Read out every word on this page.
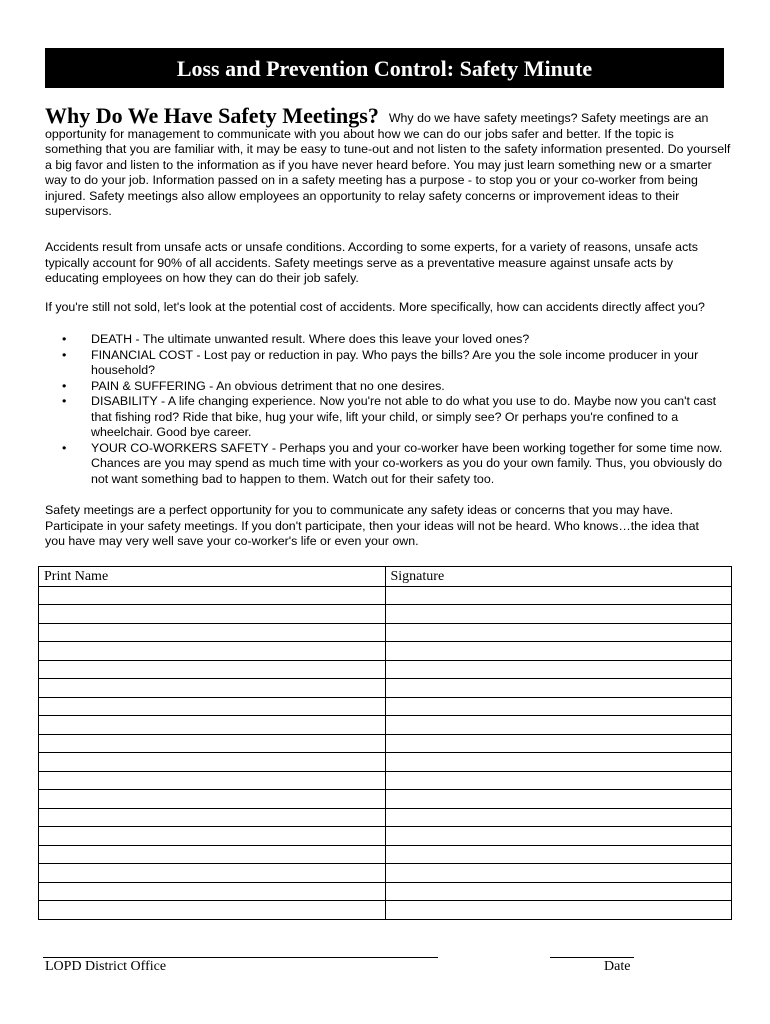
Loss and Prevention Control: Safety Minute
Why Do We Have Safety Meetings? Why do we have safety meetings? Safety meetings are an opportunity for management to communicate with you about how we can do our jobs safer and better. If the topic is something that you are familiar with, it may be easy to tune-out and not listen to the safety information presented. Do yourself a big favor and listen to the information as if you have never heard before. You may just learn something new or a smarter way to do your job. Information passed on in a safety meeting has a purpose - to stop you or your co-worker from being injured. Safety meetings also allow employees an opportunity to relay safety concerns or improvement ideas to their supervisors.
Accidents result from unsafe acts or unsafe conditions. According to some experts, for a variety of reasons, unsafe acts typically account for 90% of all accidents. Safety meetings serve as a preventative measure against unsafe acts by educating employees on how they can do their job safely.
If you're still not sold, let's look at the potential cost of accidents. More specifically, how can accidents directly affect you?
• DEATH - The ultimate unwanted result. Where does this leave your loved ones?
• FINANCIAL COST - Lost pay or reduction in pay. Who pays the bills? Are you the sole income producer in your household?
• PAIN & SUFFERING - An obvious detriment that no one desires.
• DISABILITY - A life changing experience. Now you're not able to do what you use to do. Maybe now you can't cast that fishing rod? Ride that bike, hug your wife, lift your child, or simply see? Or perhaps you're confined to a wheelchair. Good bye career.
• YOUR CO-WORKERS SAFETY - Perhaps you and your co-worker have been working together for some time now. Chances are you may spend as much time with your co-workers as you do your own family. Thus, you obviously do not want something bad to happen to them. Watch out for their safety too.
Safety meetings are a perfect opportunity for you to communicate any safety ideas or concerns that you may have. Participate in your safety meetings. If you don't participate, then your ideas will not be heard. Who knows…the idea that you have may very well save your co-worker's life or even your own.
Print Name	Signature

LOPD District Office	Date
